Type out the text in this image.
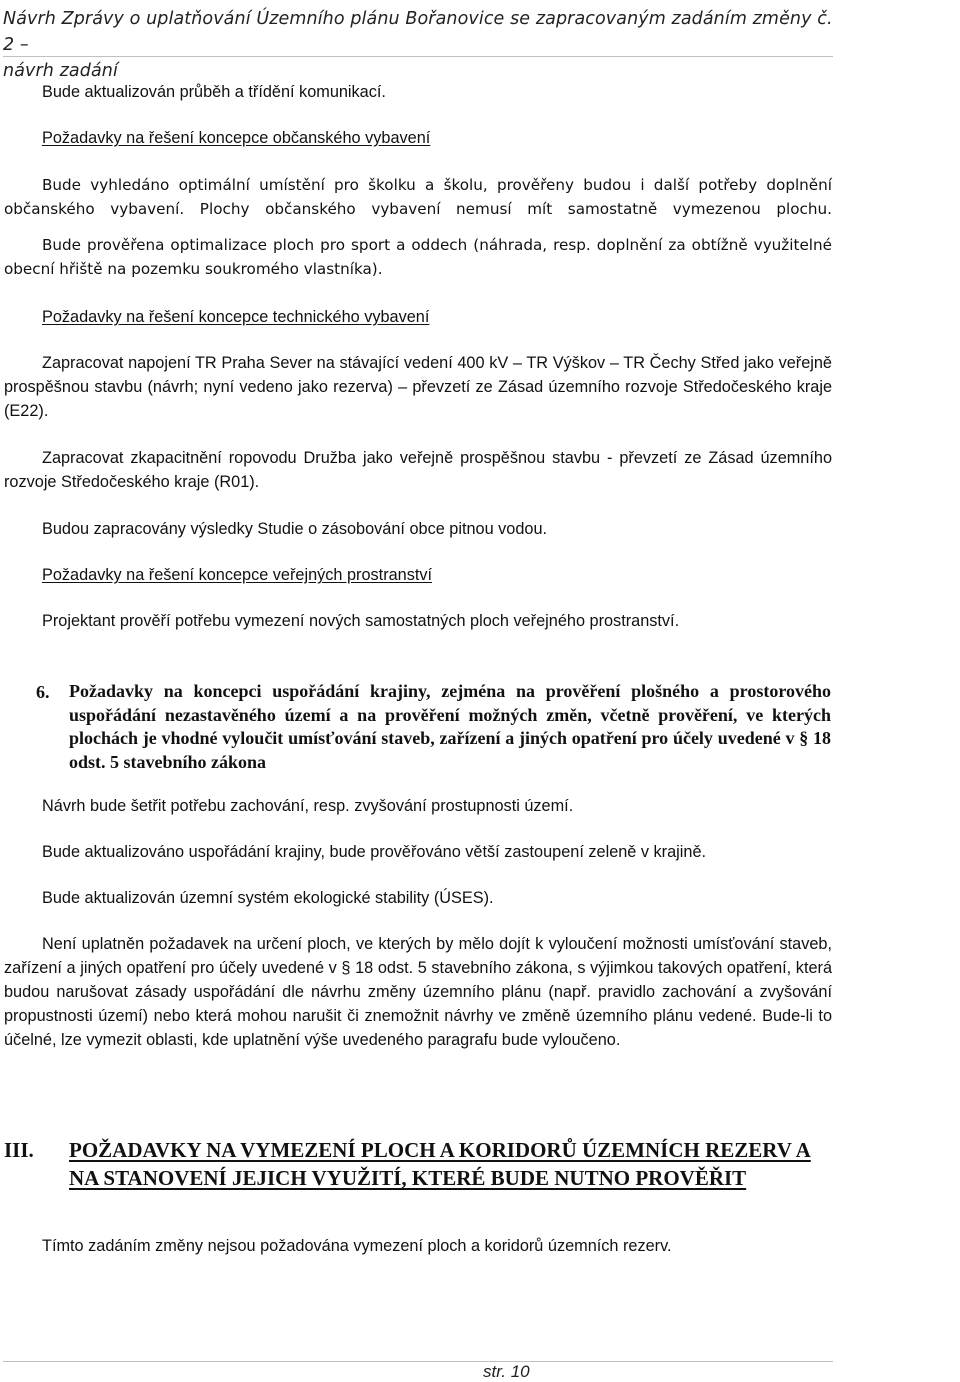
Návrh Zprávy o uplatňování Územního plánu Bořanovice se zapracovaným zadáním změny č. 2 –
návrh zadání

Bude aktualizován průběh a třídění komunikací.

Požadavky na řešení koncepce občanského vybavení

Bude vyhledáno optimální umístění pro školku a školu, prověřeny budou i další potřeby doplnění občanského vybavení. Plochy občanského vybavení nemusí mít samostatně vymezenou plochu.

Bude prověřena optimalizace ploch pro sport a oddech (náhrada, resp. doplnění za obtížně využitelné obecní hřiště na pozemku soukromého vlastníka).

Požadavky na řešení koncepce technického vybavení

Zapracovat napojení TR Praha Sever na stávající vedení 400 kV – TR Výškov – TR Čechy Střed jako veřejně prospěšnou stavbu (návrh; nyní vedeno jako rezerva) – převzetí ze Zásad územního rozvoje Středočeského kraje (E22).

Zapracovat zkapacitnění ropovodu Družba jako veřejně prospěšnou stavbu - převzetí ze Zásad územního rozvoje Středočeského kraje (R01).

Budou zapracovány výsledky Studie o zásobování obce pitnou vodou.

Požadavky na řešení koncepce veřejných prostranství

Projektant prověří potřebu vymezení nových samostatných ploch veřejného prostranství.

6. Požadavky na koncepci uspořádání krajiny, zejména na prověření plošného a prostorového uspořádání nezastavěného území a na prověření možných změn, včetně prověření, ve kterých plochách je vhodné vyloučit umísťování staveb, zařízení a jiných opatření pro účely uvedené v § 18 odst. 5 stavebního zákona

Návrh bude šetřit potřebu zachování, resp. zvyšování prostupnosti území.

Bude aktualizováno uspořádání krajiny, bude prověřováno větší zastoupení zeleně v krajině.

Bude aktualizován územní systém ekologické stability (ÚSES).

Není uplatněn požadavek na určení ploch, ve kterých by mělo dojít k vyloučení možnosti umísťování staveb, zařízení a jiných opatření pro účely uvedené v § 18 odst. 5 stavebního zákona, s výjimkou takových opatření, která budou narušovat zásady uspořádání dle návrhu změny územního plánu (např. pravidlo zachování a zvyšování propustnosti území) nebo která mohou narušit či znemožnit návrhy ve změně územního plánu vedené. Bude-li to účelné, lze vymezit oblasti, kde uplatnění výše uvedeného paragrafu bude vyloučeno.

III. POŽADAVKY NA VYMEZENÍ PLOCH A KORIDORŮ ÚZEMNÍCH REZERV A NA STANOVENÍ JEJICH VYUŽITÍ, KTERÉ BUDE NUTNO PROVĚŘIT

Tímto zadáním změny nejsou požadována vymezení ploch a koridorů územních rezerv.

str. 10
